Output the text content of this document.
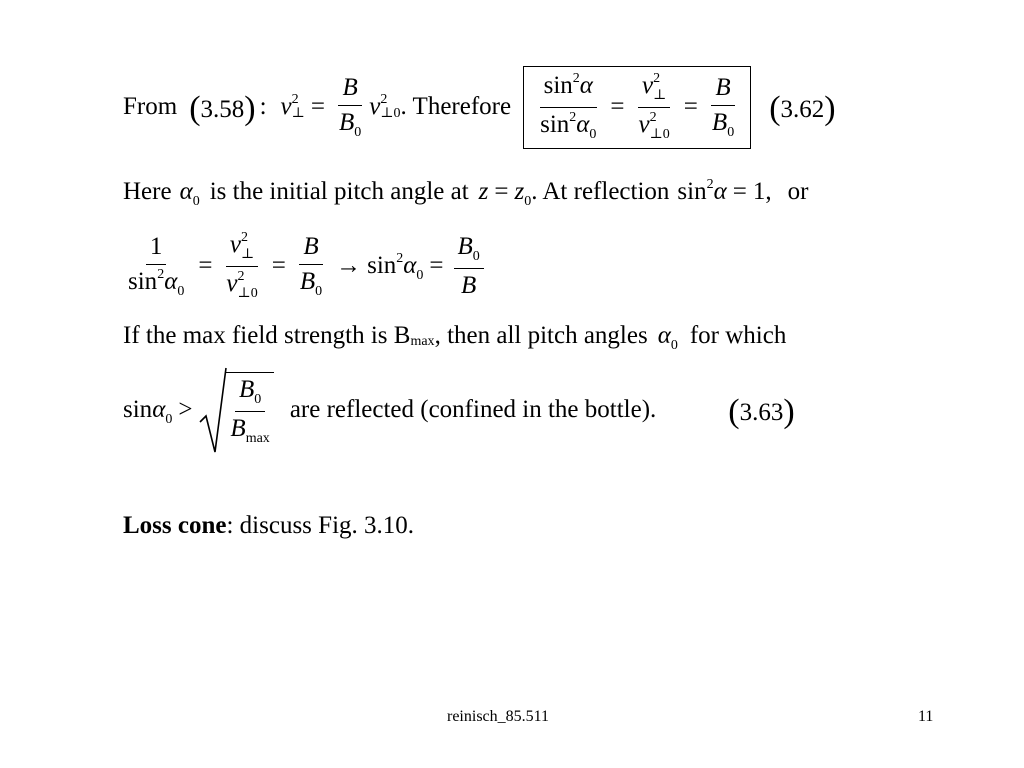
From (3.58) : v 2
⊥ = $\frac{B}{B_0}$ v 2
⊥0 . Therefore $\frac{\sin^2\alpha}{\sin^2\alpha_0} = \frac{v^2_\perp}{v^2_{\perp 0}} = \frac{B}{B_0} (3.62)$
Here $\alpha_0$ is the initial pitch angle at $z = z_0$ . At reflection $\sin^2\alpha = 1$ , or
$\frac{1}{\sin^2\alpha_0} = \frac{v^2_\perp}{v^2_{\perp 0}} = \frac{B}{B_0} \to \sin^2\alpha_0 = \frac{B_0}{B}$
If the max field strength is B max , then all pitch angles $\alpha_0$ for which
$\sin\alpha_0 > \frac{B_0}{B_{max}}$ are reflected (confined in the bottle). (3.63)
Loss cone: discuss Fig. 3.10.
reinisch_85.511	11
